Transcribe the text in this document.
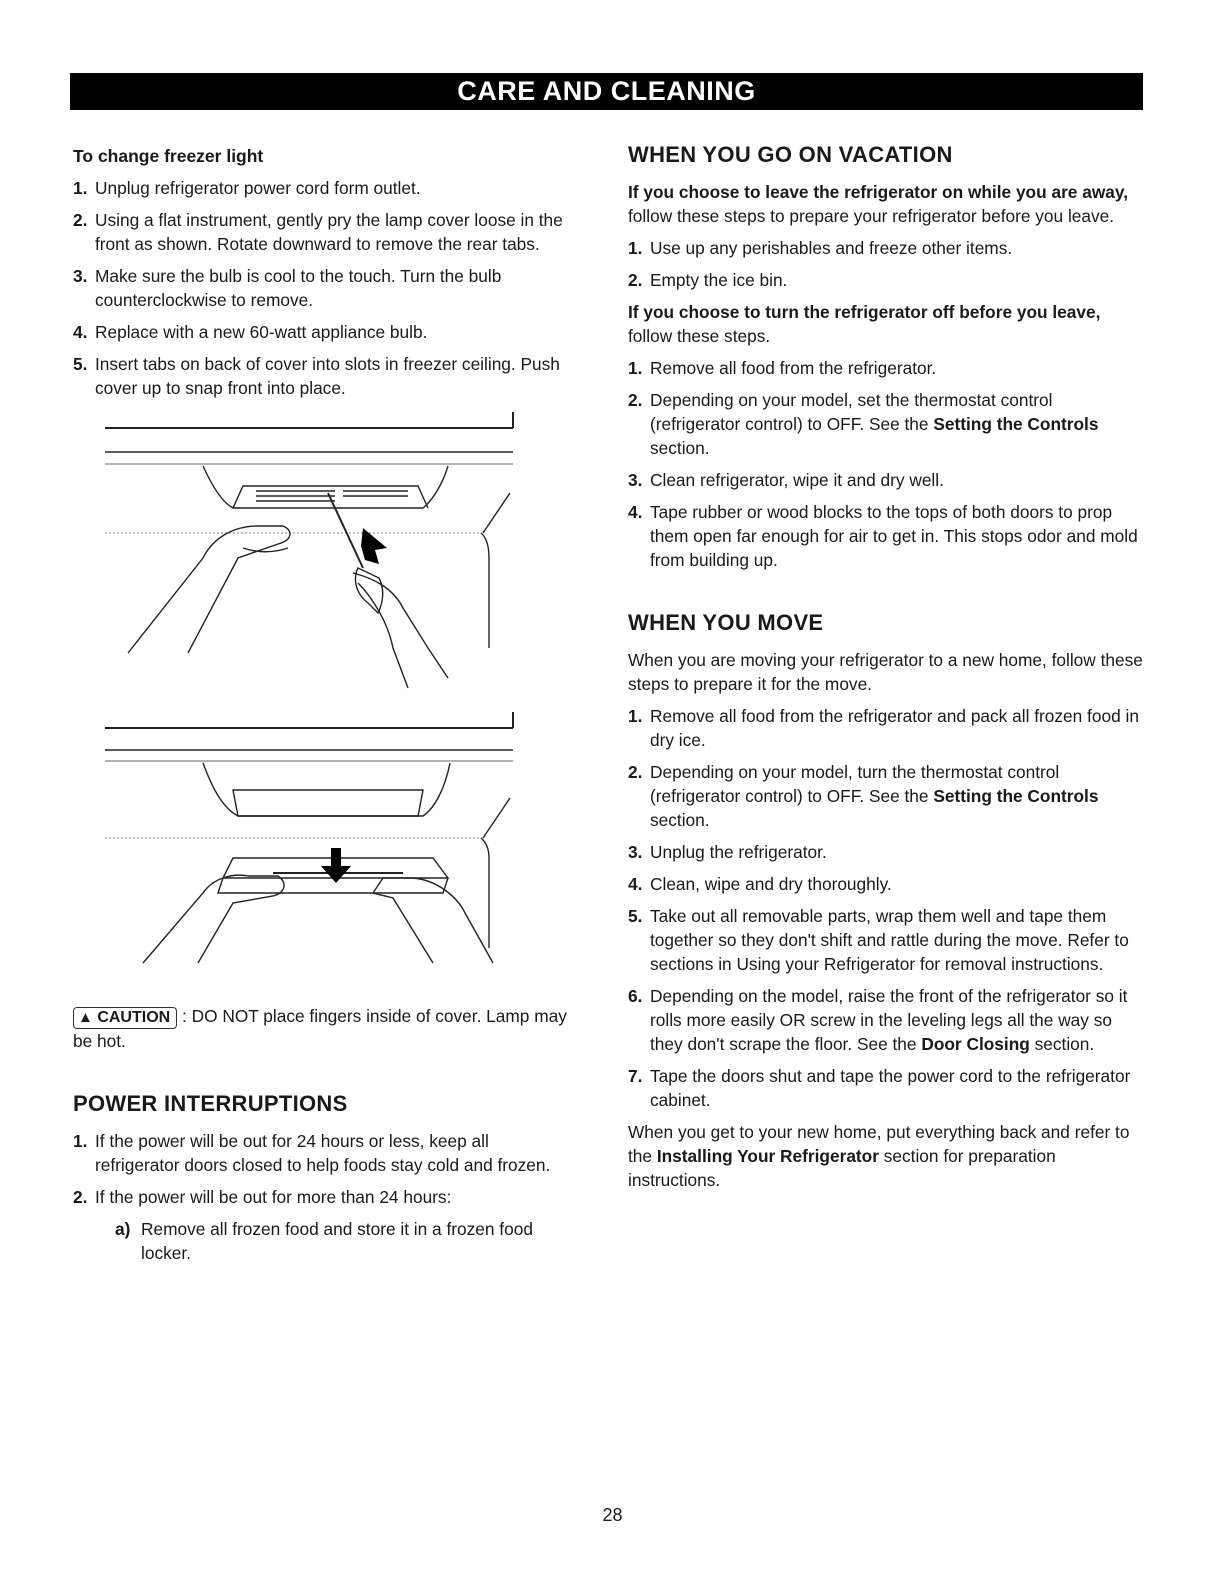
CARE AND CLEANING
To change freezer light
1. Unplug refrigerator power cord form outlet.
2. Using a flat instrument, gently pry the lamp cover loose in the front as shown. Rotate downward to remove the rear tabs.
3. Make sure the bulb is cool to the touch. Turn the bulb counterclockwise to remove.
4. Replace with a new 60-watt appliance bulb.
5. Insert tabs on back of cover into slots in freezer ceiling. Push cover up to snap front into place.
▲ CAUTION : DO NOT place fingers inside of cover. Lamp may be hot.
POWER INTERRUPTIONS
1. If the power will be out for 24 hours or less, keep all refrigerator doors closed to help foods stay cold and frozen.
2. If the power will be out for more than 24 hours:
a) Remove all frozen food and store it in a frozen food locker.
WHEN YOU GO ON VACATION

If you choose to leave the refrigerator on while you are away, follow these steps to prepare your refrigerator before you leave.

1. Use up any perishables and freeze other items.
2. Empty the ice bin.

If you choose to turn the refrigerator off before you leave, follow these steps.

1. Remove all food from the refrigerator.
2. Depending on your model, set the thermostat control (refrigerator control) to OFF. See the Setting the Controls section.
3. Clean refrigerator, wipe it and dry well.
4. Tape rubber or wood blocks to the tops of both doors to prop them open far enough for air to get in. This stops odor and mold from building up.
WHEN YOU MOVE

When you are moving your refrigerator to a new home, follow these steps to prepare it for the move.

1. Remove all food from the refrigerator and pack all frozen food in dry ice.
2. Depending on your model, turn the thermostat control (refrigerator control) to OFF. See the Setting the Controls section.
3. Unplug the refrigerator.
4. Clean, wipe and dry thoroughly.
5. Take out all removable parts, wrap them well and tape them together so they don't shift and rattle during the move. Refer to sections in Using your Refrigerator for removal instructions.
6. Depending on the model, raise the front of the refrigerator so it rolls more easily OR screw in the leveling legs all the way so they don't scrape the floor. See the Door Closing section.
7. Tape the doors shut and tape the power cord to the refrigerator cabinet.

When you get to your new home, put everything back and refer to the Installing Your Refrigerator section for preparation instructions.

28
